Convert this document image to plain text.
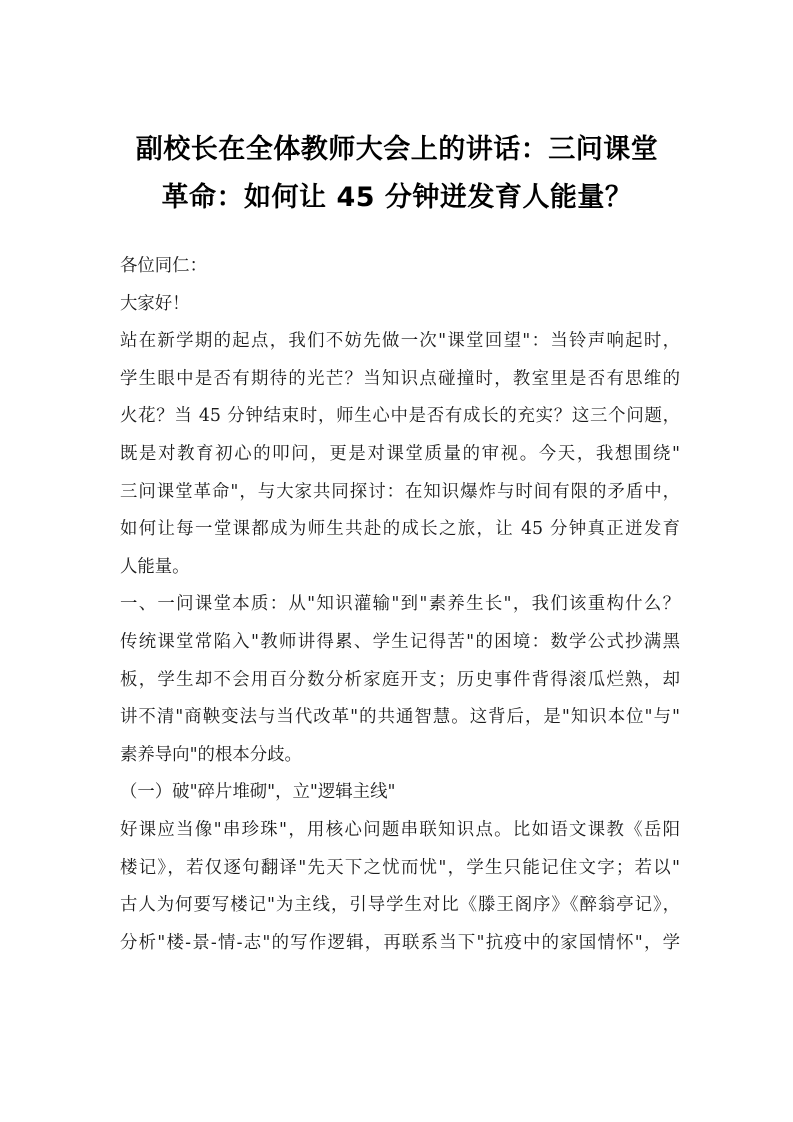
副校长在全体教师大会上的讲话：三问课堂
革命：如何让 45 分钟迸发育人能量？
各位同仁：
大家好！
站在新学期的起点，我们不妨先做一次"课堂回望"：当铃声响起时，
学生眼中是否有期待的光芒？当知识点碰撞时，教室里是否有思维的
火花？当 45 分钟结束时，师生心中是否有成长的充实？这三个问题，
既是对教育初心的叩问，更是对课堂质量的审视。今天，我想围绕"
三问课堂革命"，与大家共同探讨：在知识爆炸与时间有限的矛盾中，
如何让每一堂课都成为师生共赴的成长之旅，让 45 分钟真正迸发育
人能量。
一、一问课堂本质：从"知识灌输"到"素养生长"，我们该重构什么？
传统课堂常陷入"教师讲得累、学生记得苦"的困境：数学公式抄满黑
板，学生却不会用百分数分析家庭开支；历史事件背得滚瓜烂熟，却
讲不清"商鞅变法与当代改革"的共通智慧。这背后，是"知识本位"与"
素养导向"的根本分歧。
（一）破"碎片堆砌"，立"逻辑主线"
好课应当像"串珍珠"，用核心问题串联知识点。比如语文课教《岳阳
楼记》，若仅逐句翻译"先天下之忧而忧"，学生只能记住文字；若以"
古人为何要写楼记"为主线，引导学生对比《滕王阁序》《醉翁亭记》，
分析"楼-景-情-志"的写作逻辑，再联系当下"抗疫中的家国情怀"，学
